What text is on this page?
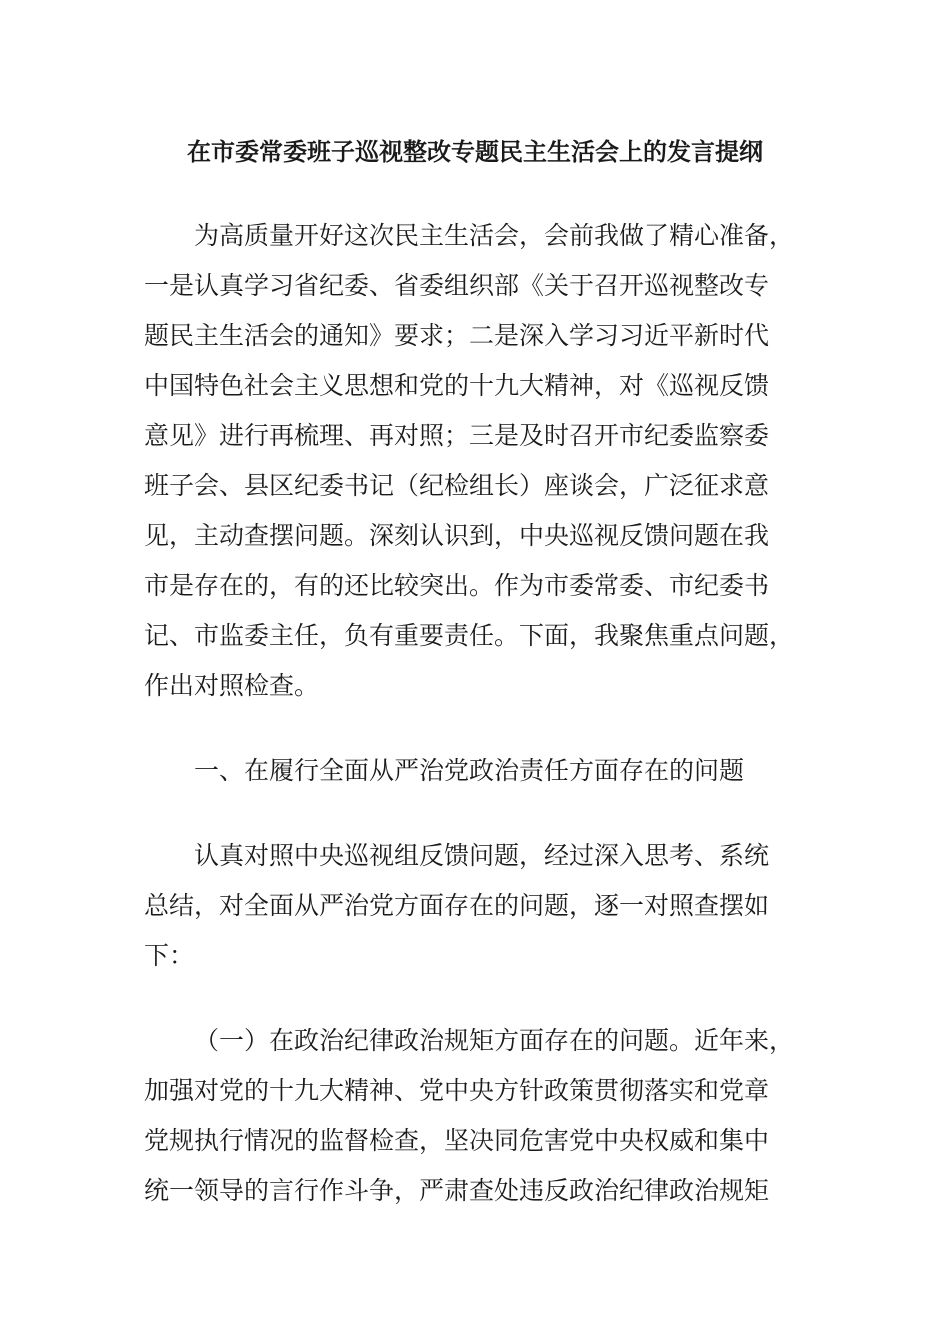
在市委常委班子巡视整改专题民主生活会上的发言提纲
为高质量开好这次民主生活会，会前我做了精心准备，
一是认真学习省纪委、省委组织部《关于召开巡视整改专
题民主生活会的通知》要求；二是深入学习习近平新时代
中国特色社会主义思想和党的十九大精神，对《巡视反馈
意见》进行再梳理、再对照；三是及时召开市纪委监察委
班子会、县区纪委书记（纪检组长）座谈会，广泛征求意
见，主动查摆问题。深刻认识到，中央巡视反馈问题在我
市是存在的，有的还比较突出。作为市委常委、市纪委书
记、市监委主任，负有重要责任。下面，我聚焦重点问题，
作出对照检查。
一、在履行全面从严治党政治责任方面存在的问题
认真对照中央巡视组反馈问题，经过深入思考、系统
总结，对全面从严治党方面存在的问题，逐一对照查摆如
下：
（一）在政治纪律政治规矩方面存在的问题。近年来，
加强对党的十九大精神、党中央方针政策贯彻落实和党章
党规执行情况的监督检查，坚决同危害党中央权威和集中
统一领导的言行作斗争，严肃查处违反政治纪律政治规矩
